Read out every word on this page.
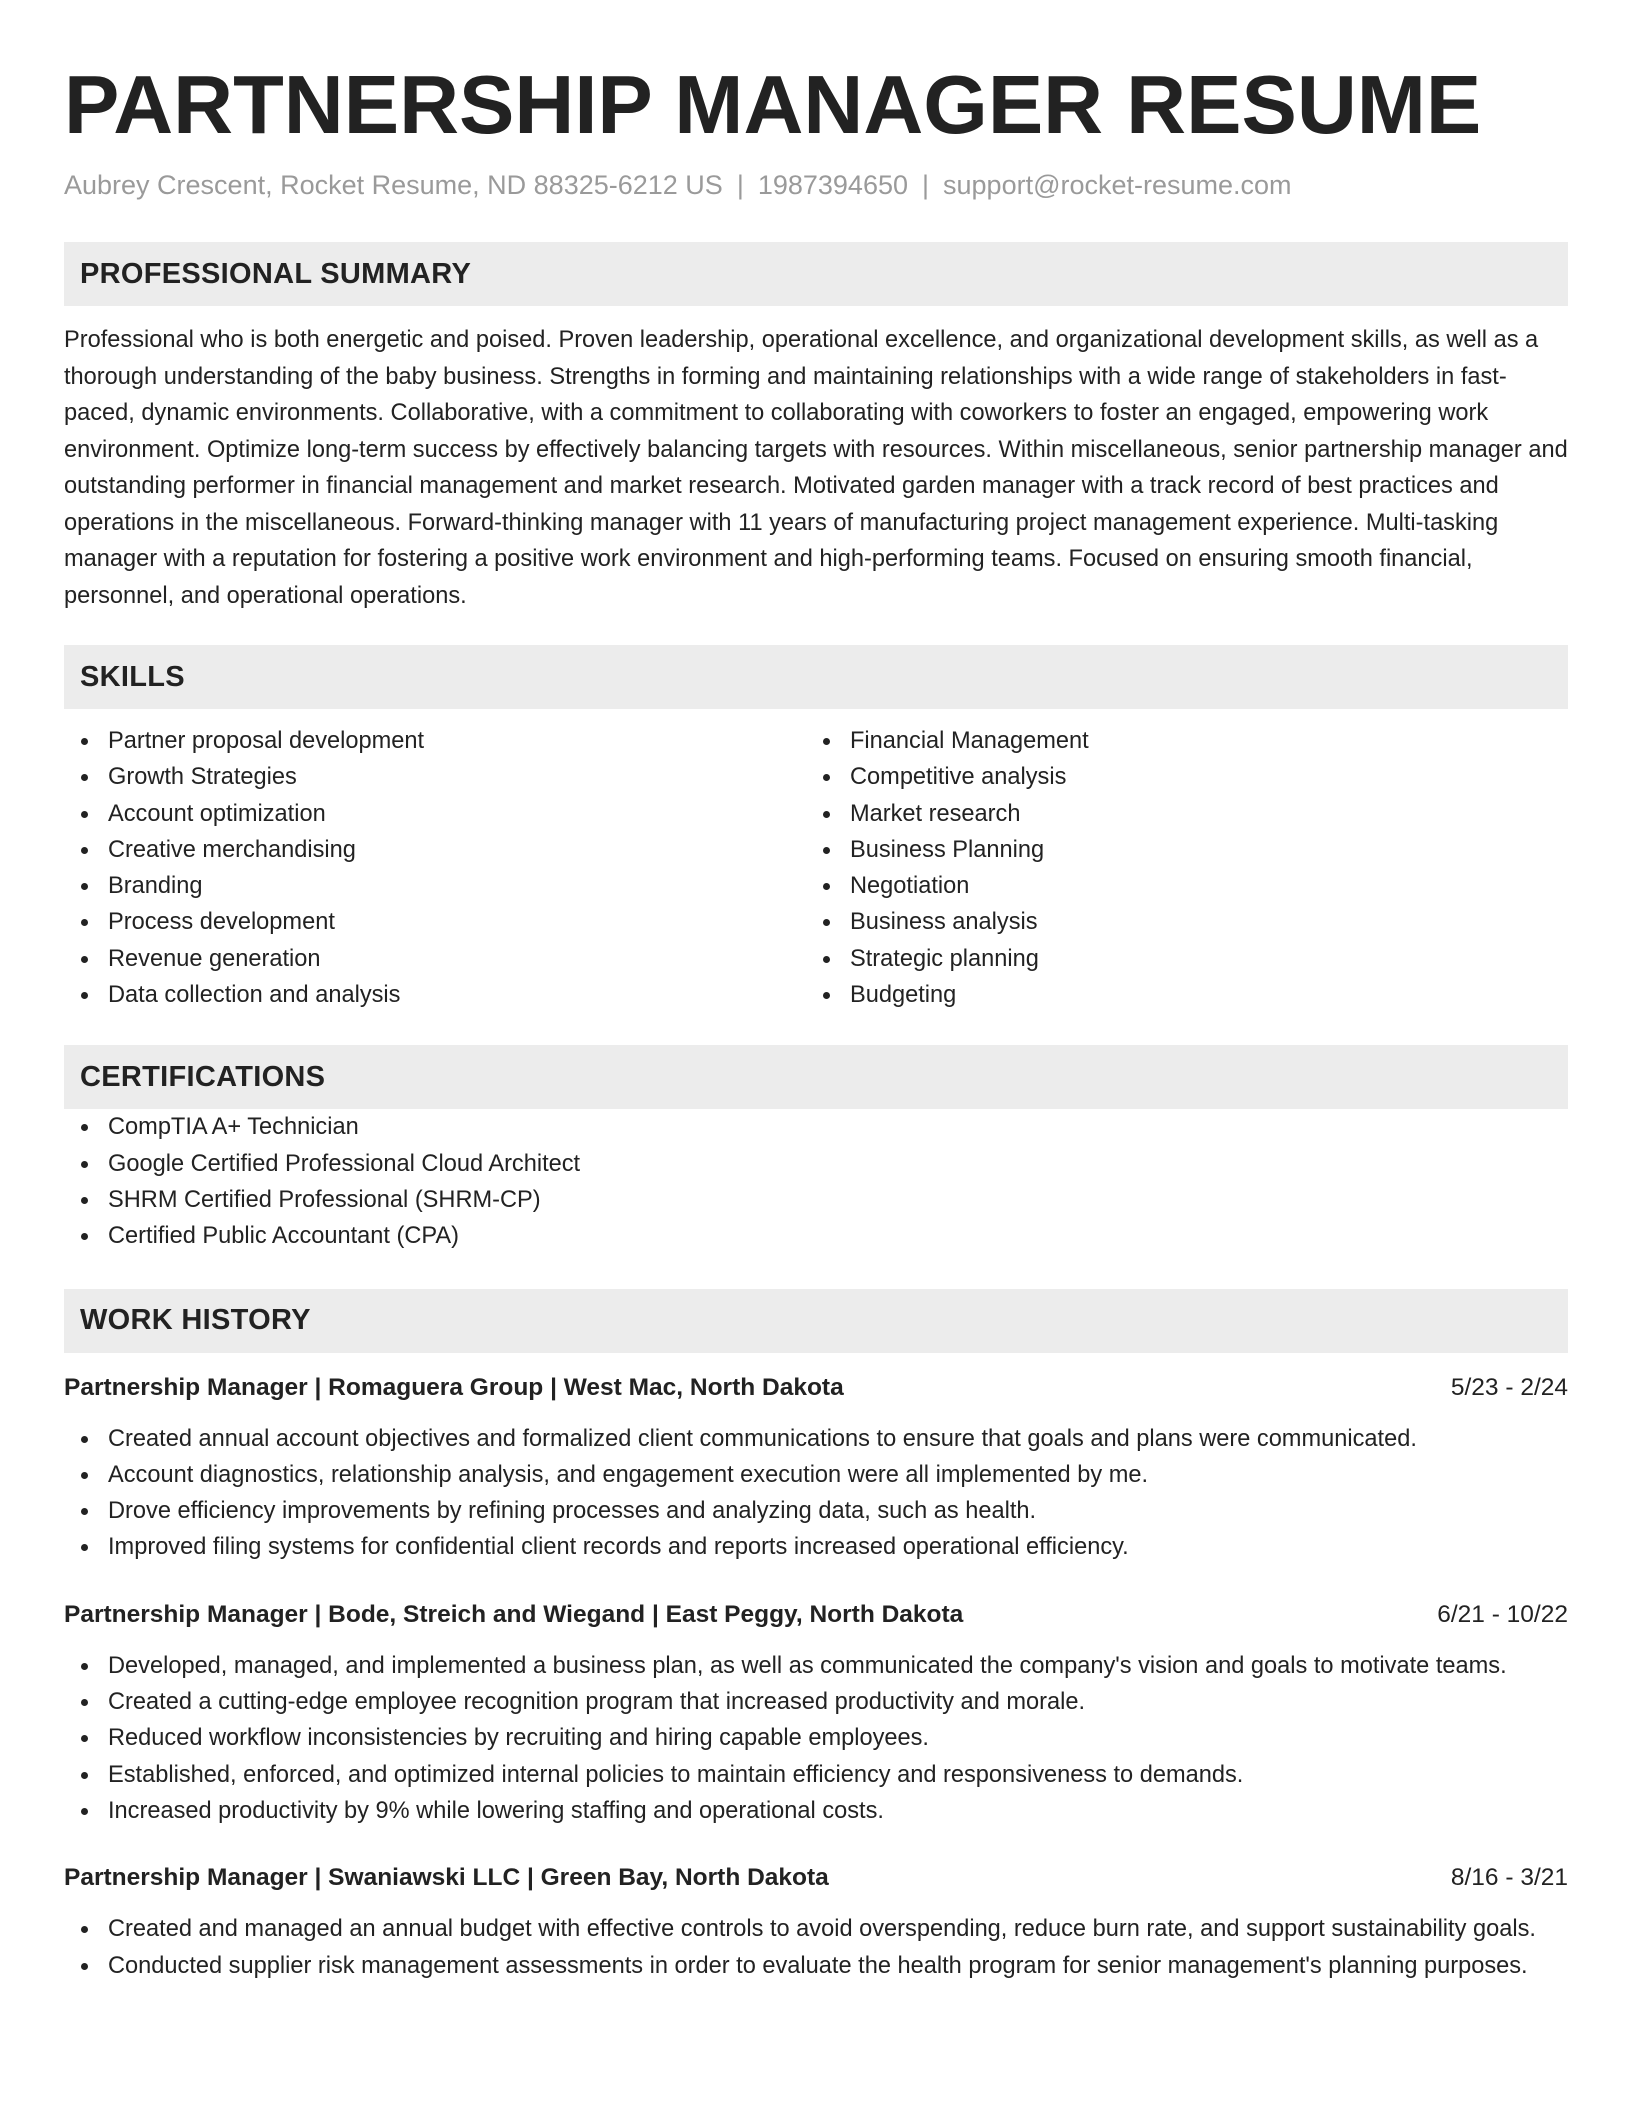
PARTNERSHIP MANAGER RESUME
Aubrey Crescent, Rocket Resume, ND 88325-6212 US | 1987394650 | support@rocket-resume.com
PROFESSIONAL SUMMARY
Professional who is both energetic and poised. Proven leadership, operational excellence, and organizational development skills, as well as a thorough understanding of the baby business. Strengths in forming and maintaining relationships with a wide range of stakeholders in fast-paced, dynamic environments. Collaborative, with a commitment to collaborating with coworkers to foster an engaged, empowering work environment. Optimize long-term success by effectively balancing targets with resources. Within miscellaneous, senior partnership manager and outstanding performer in financial management and market research. Motivated garden manager with a track record of best practices and operations in the miscellaneous. Forward-thinking manager with 11 years of manufacturing project management experience. Multi-tasking manager with a reputation for fostering a positive work environment and high-performing teams. Focused on ensuring smooth financial, personnel, and operational operations.
SKILLS
Partner proposal development
Growth Strategies
Account optimization
Creative merchandising
Branding
Process development
Revenue generation
Data collection and analysis
Financial Management
Competitive analysis
Market research
Business Planning
Negotiation
Business analysis
Strategic planning
Budgeting
CERTIFICATIONS
CompTIA A+ Technician
Google Certified Professional Cloud Architect
SHRM Certified Professional (SHRM-CP)
Certified Public Accountant (CPA)
WORK HISTORY
Partnership Manager | Romaguera Group | West Mac, North Dakota	5/23 - 2/24
Created annual account objectives and formalized client communications to ensure that goals and plans were communicated.
Account diagnostics, relationship analysis, and engagement execution were all implemented by me.
Drove efficiency improvements by refining processes and analyzing data, such as health.
Improved filing systems for confidential client records and reports increased operational efficiency.
Partnership Manager | Bode, Streich and Wiegand | East Peggy, North Dakota	6/21 - 10/22
Developed, managed, and implemented a business plan, as well as communicated the company's vision and goals to motivate teams.
Created a cutting-edge employee recognition program that increased productivity and morale.
Reduced workflow inconsistencies by recruiting and hiring capable employees.
Established, enforced, and optimized internal policies to maintain efficiency and responsiveness to demands.
Increased productivity by 9% while lowering staffing and operational costs.
Partnership Manager | Swaniawski LLC | Green Bay, North Dakota	8/16 - 3/21
Created and managed an annual budget with effective controls to avoid overspending, reduce burn rate, and support sustainability goals.
Conducted supplier risk management assessments in order to evaluate the health program for senior management's planning purposes.
